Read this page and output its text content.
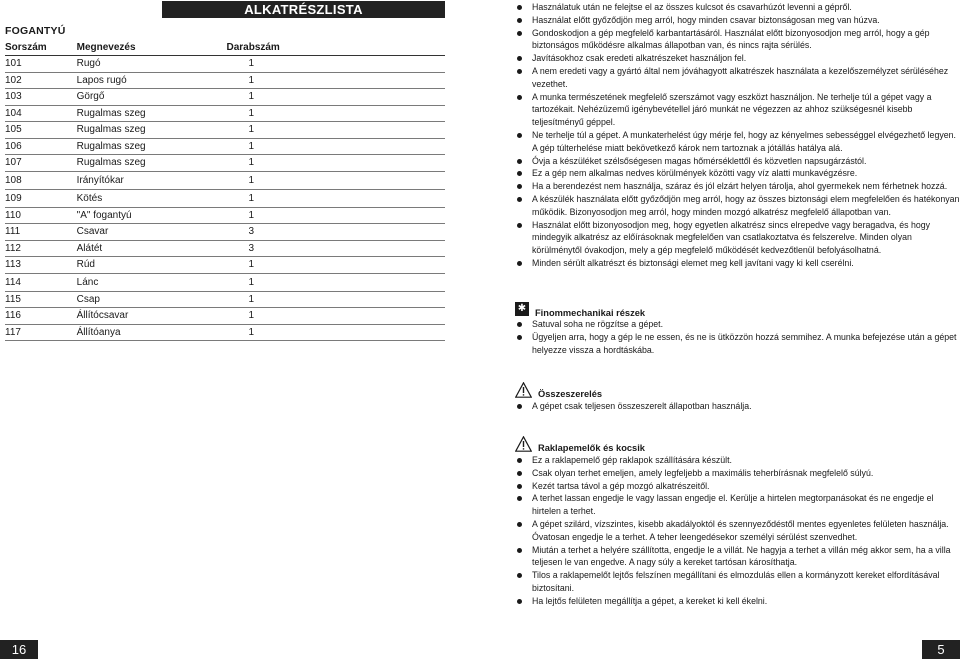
ALKATRÉSZLISTA
FOGANTYÚ
Sorszám	Megnevezés	Darabszám
101	Rugó	1
102	Lapos rugó	1
103	Görgő	1
104	Rugalmas szeg	1
105	Rugalmas szeg	1
106	Rugalmas szeg	1
107	Rugalmas szeg	1
108	Irányítókar	1
109	Kötés	1
110	"A" fogantyú	1
111	Csavar	3
112	Alátét	3
113	Rúd	1
114	Lánc	1
115	Csap	1
116	Állítócsavar	1
117	Állítóanya	1
Használatuk után ne felejtse el az összes kulcsot és csavarhúzót levenni a gépről.
Használat előtt győződjön meg arról, hogy minden csavar biztonságosan meg van húzva.
Gondoskodjon a gép megfelelő karbantartásáról. Használat előtt bizonyosodjon meg arról, hogy a gép biztonságos működésre alkalmas állapotban van, és nincs rajta sérülés.
Javításokhoz csak eredeti alkatrészeket használjon fel.
A nem eredeti vagy a gyártó által nem jóváhagyott alkatrészek használata a kezelőszemélyzet sérüléséhez vezethet.
A munka természetének megfelelő szerszámot vagy eszközt használjon. Ne terhelje túl a gépet vagy a tartozékait. Nehézüzemű igénybevétellel járó munkát ne végezzen az ahhoz szükségesnél kisebb teljesítményű géppel.
Ne terhelje túl a gépet. A munkaterhelést úgy mérje fel, hogy az kényelmes sebességgel elvégezhető legyen. A gép túlterhelése miatt bekövetkező károk nem tartoznak a jótállás hatálya alá.
Óvja a készüléket szélsőségesen magas hőmérséklettől és közvetlen napsugárzástól.
Ez a gép nem alkalmas nedves körülmények közötti vagy víz alatti munkavégzésre.
Ha a berendezést nem használja, száraz és jól elzárt helyen tárolja, ahol gyermekek nem férhetnek hozzá.
A készülék használata előtt győződjön meg arról, hogy az összes biztonsági elem megfelelően és hatékonyan működik. Bizonyosodjon meg arról, hogy minden mozgó alkatrész megfelelő állapotban van.
Használat előtt bizonyosodjon meg, hogy egyetlen alkatrész sincs elrepedve vagy beragadva, és hogy mindegyik alkatrész az előírásoknak megfelelően van csatlakoztatva és felszerelve. Minden olyan körülménytől óvakodjon, mely a gép megfelelő működését kedvezőtlenül befolyásolhatná.
Minden sérült alkatrészt és biztonsági elemet meg kell javítani vagy ki kell cserélni.
✱ Finommechanikai részek
Satuval soha ne rögzítse a gépet.
Ügyeljen arra, hogy a gép le ne essen, és ne is ütközzön hozzá semmihez. A munka befejezése után a gépet helyezze vissza a hordtáskába.
Összeszerelés
A gépet csak teljesen összeszerelt állapotban használja.
Raklapemelők és kocsik
Ez a raklapemelő gép raklapok szállítására készült.
Csak olyan terhet emeljen, amely legfeljebb a maximális teherbírásnak megfelelő súlyú.
Kezét tartsa távol a gép mozgó alkatrészeitől.
A terhet lassan engedje le vagy lassan engedje el. Kerülje a hirtelen megtorpanásokat és ne engedje el hirtelen a terhet.
A gépet szilárd, vízszintes, kisebb akadályoktól és szennyeződéstől mentes egyenletes felületen használja. Óvatosan engedje le a terhet. A teher leengedésekor személyi sérülést szenvedhet.
Miután a terhet a helyére szállította, engedje le a villát. Ne hagyja a terhet a villán még akkor sem, ha a villa teljesen le van engedve. A nagy súly a kereket tartósan károsíthatja.
Tilos a raklapemelőt lejtős felszínen megállítani és elmozdulás ellen a kormányzott kereket elfordításával biztosítani.
Ha lejtős felületen megállítja a gépet, a kereket ki kell ékelni.
16	5
